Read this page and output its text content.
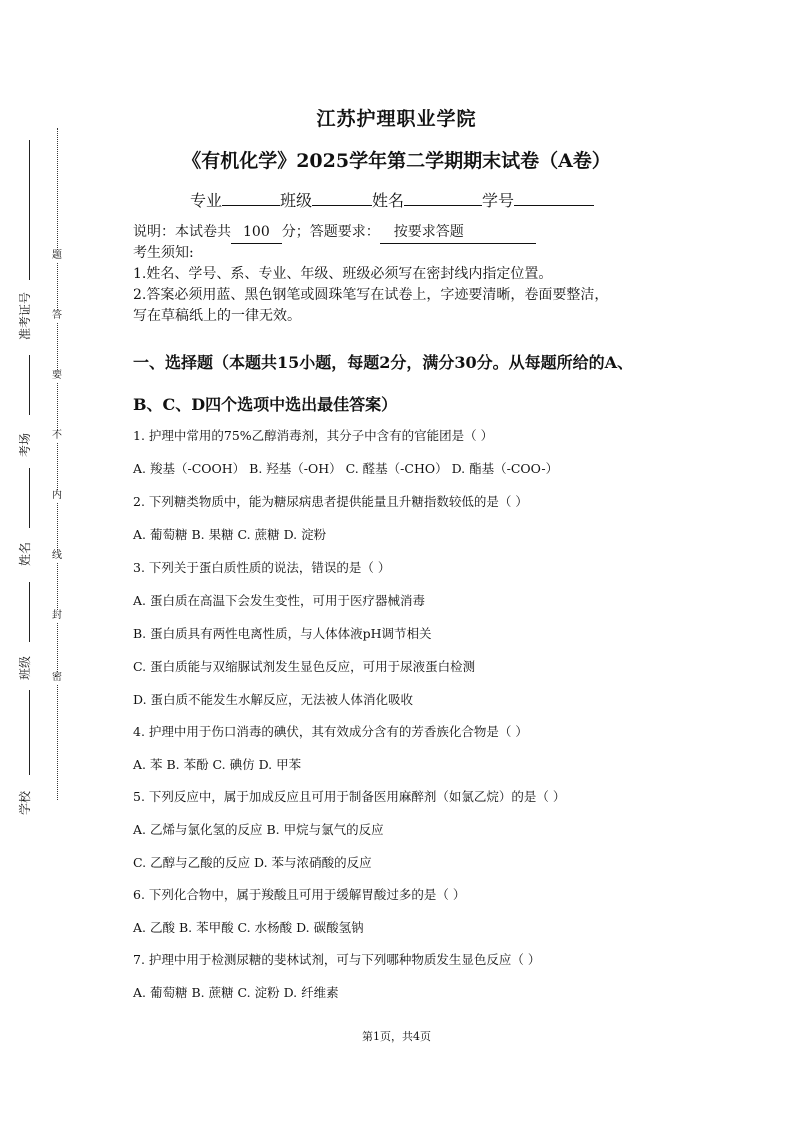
准考证号
考场
姓名
班级
学校
题
答
要
不
内
线
封
密
江苏护理职业学院
《有机化学》2025学年第二学期期末试卷（A卷）
专业	班级	姓名	学号
说明：本试卷共 100 分；答题要求： 按要求答题
考生须知:
1.姓名、学号、系、专业、年级、班级必须写在密封线内指定位置。
2.答案必须用蓝、黑色钢笔或圆珠笔写在试卷上，字迹要清晰，卷面要整洁，
写在草稿纸上的一律无效。
一、选择题（本题共15小题，每题2分，满分30分。从每题所给的A、
B、C、D四个选项中选出最佳答案）
1. 护理中常用的75%乙醇消毒剂，其分子中含有的官能团是（ ）
A. 羧基（-COOH） B. 羟基（-OH） C. 醛基（-CHO） D. 酯基（-COO-）
2. 下列糖类物质中，能为糖尿病患者提供能量且升糖指数较低的是（ ）
A. 葡萄糖 B. 果糖 C. 蔗糖 D. 淀粉
3. 下列关于蛋白质性质的说法，错误的是（ ）
A. 蛋白质在高温下会发生变性，可用于医疗器械消毒
B. 蛋白质具有两性电离性质，与人体体液pH调节相关
C. 蛋白质能与双缩脲试剂发生显色反应，可用于尿液蛋白检测
D. 蛋白质不能发生水解反应，无法被人体消化吸收
4. 护理中用于伤口消毒的碘伏，其有效成分含有的芳香族化合物是（ ）
A. 苯 B. 苯酚 C. 碘仿 D. 甲苯
5. 下列反应中，属于加成反应且可用于制备医用麻醉剂（如氯乙烷）的是（ ）
A. 乙烯与氯化氢的反应 B. 甲烷与氯气的反应
C. 乙醇与乙酸的反应 D. 苯与浓硝酸的反应
6. 下列化合物中，属于羧酸且可用于缓解胃酸过多的是（ ）
A. 乙酸 B. 苯甲酸 C. 水杨酸 D. 碳酸氢钠
7. 护理中用于检测尿糖的斐林试剂，可与下列哪种物质发生显色反应（ ）
A. 葡萄糖 B. 蔗糖 C. 淀粉 D. 纤维素
第1页，共4页
